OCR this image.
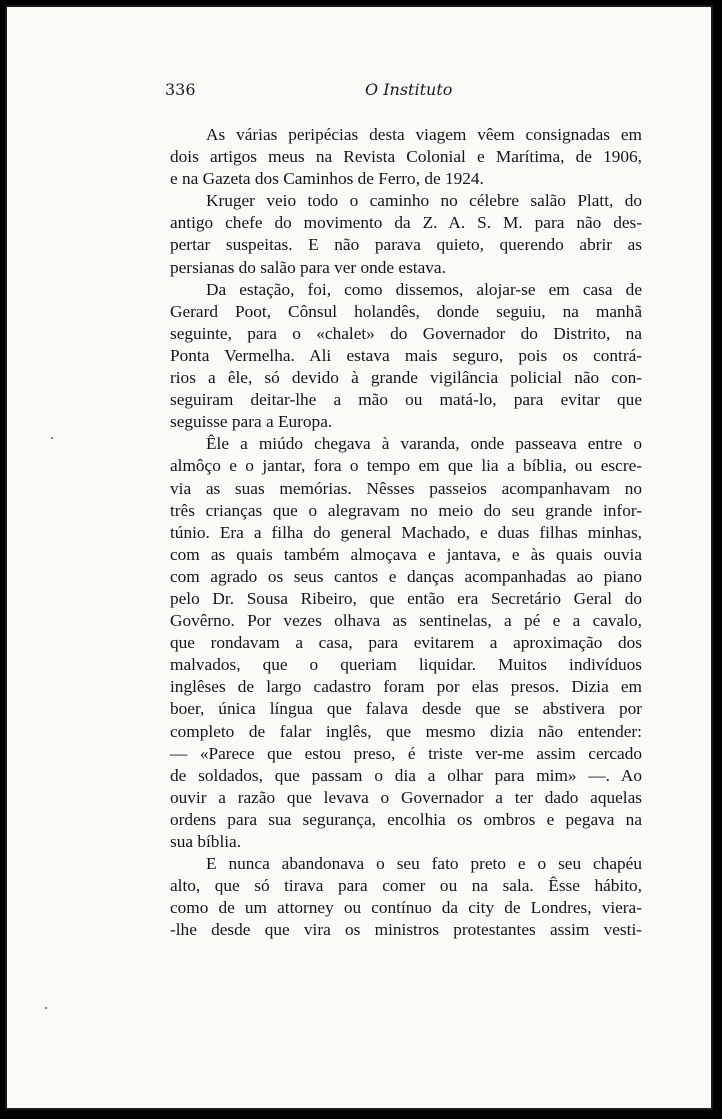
336	O Instituto

As várias peripécias desta viagem vêem consignadas em
dois artigos meus na Revista Colonial e Marítima, de 1906,
e na Gazeta dos Caminhos de Ferro, de 1924.

Kruger veio todo o caminho no célebre salão Platt, do
antigo chefe do movimento da Z. A. S. M. para não des-
pertar suspeitas. E não parava quieto, querendo abrir as
persianas do salão para ver onde estava.

Da estação, foi, como dissemos, alojar-se em casa de
Gerard Poot, Cônsul holandês, donde seguiu, na manhã
seguinte, para o «chalet» do Governador do Distrito, na
Ponta Vermelha. Ali estava mais seguro, pois os contrá-
rios a êle, só devido à grande vigilância policial não con-
seguiram deitar-lhe a mão ou matá-lo, para evitar que
seguisse para a Europa.

Êle a miúdo chegava à varanda, onde passeava entre o
almôço e o jantar, fora o tempo em que lia a bíblia, ou escre-
via as suas memórias. Nêsses passeios acompanhavam no
três crianças que o alegravam no meio do seu grande infor-
túnio. Era a filha do general Machado, e duas filhas minhas,
com as quais também almoçava e jantava, e às quais ouvia
com agrado os seus cantos e danças acompanhadas ao piano
pelo Dr. Sousa Ribeiro, que então era Secretário Geral do
Govêrno. Por vezes olhava as sentinelas, a pé e a cavalo,
que rondavam a casa, para evitarem a aproximação dos
malvados, que o queriam liquidar. Muitos indivíduos
inglêses de largo cadastro foram por elas presos. Dizia em
boer, única língua que falava desde que se abstivera por
completo de falar inglês, que mesmo dizia não entender:
— «Parece que estou preso, é triste ver-me assim cercado
de soldados, que passam o dia a olhar para mim» —. Ao
ouvir a razão que levava o Governador a ter dado aquelas
ordens para sua segurança, encolhia os ombros e pegava na
sua bíblia.

E nunca abandonava o seu fato preto e o seu chapéu
alto, que só tirava para comer ou na sala. Êsse hábito,
como de um attorney ou contínuo da city de Londres, viera-
-lhe desde que vira os ministros protestantes assim vesti-
